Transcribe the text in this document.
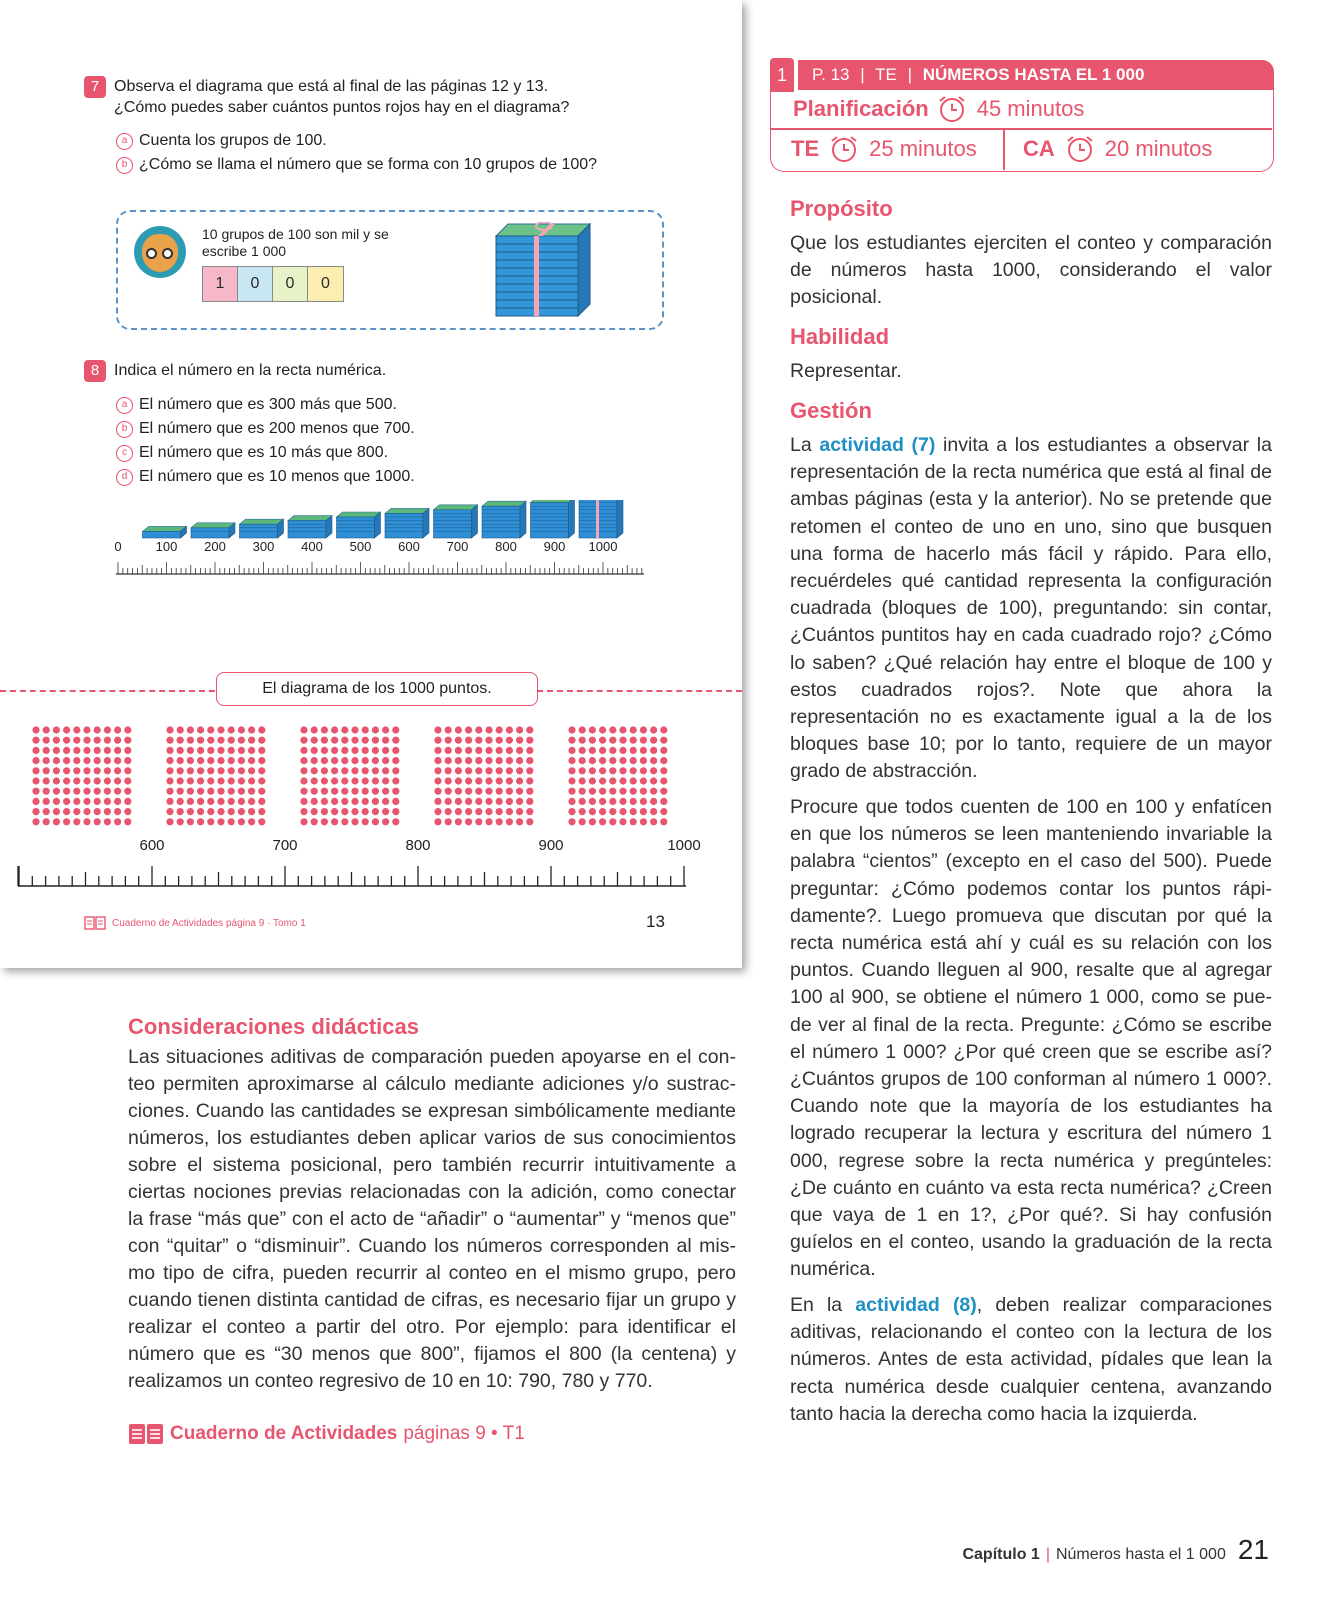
7 Observa el diagrama que está al final de las páginas 12 y 13.
¿Cómo puedes saber cuántos puntos rojos hay en el diagrama?
a Cuenta los grupos de 100.
b ¿Cómo se llama el número que se forma con 10 grupos de 100?
10 grupos de 100 son mil y se escribe 1 000
1	0	0	0
8 Indica el número en la recta numérica.
a El número que es 300 más que 500.
b El número que es 200 menos que 700.
c El número que es 10 más que 800.
d El número que es 10 menos que 1000.
0	100 200 300 400 500 600 700 800 900 1000
El diagrama de los 1000 puntos.
600	700	800	900	1000
Cuaderno de Actividades página 9 · Tomo 1	13
1	P. 13 | TE | NÚMEROS HASTA EL 1 000
Planificación 45 minutos
TE 25 minutos CA 20 minutos
Propósito
Que los estudiantes ejerciten el conteo y comparación de números hasta 1000, considerando el valor posicional.
Habilidad
Representar.
Gestión
La actividad (7) invita a los estudiantes a observar la representación de la recta numérica que está al final de ambas páginas (esta y la anterior). No se pretende que retomen el conteo de uno en uno, sino que busquen una forma de hacerlo más fácil y rápido. Para ello, recuérdeles qué cantidad representa la configuración cuadrada (bloques de 100), preguntando: sin contar, ¿Cuántos puntitos hay en cada cuadrado rojo? ¿Cómo lo saben? ¿Qué relación hay entre el bloque de 100 y estos cuadrados rojos?. Note que ahora la representación no es exactamente igual a la de los bloques base 10; por lo tanto, requiere de un mayor grado de abstracción.
Procure que todos cuenten de 100 en 100 y enfatícen en que los números se leen manteniendo invariable la palabra “cientos” (excepto en el caso del 500). Puede preguntar: ¿Cómo podemos contar los puntos rápidamente?. Luego promueva que discutan por qué la recta numérica está ahí y cuál es su relación con los puntos. Cuando lleguen al 900, resalte que al agregar 100 al 900, se obtiene el número 1 000, como se puede ver al final de la recta. Pregunte: ¿Cómo se escribe el número 1 000? ¿Por qué creen que se escribe así? ¿Cuántos grupos de 100 conforman al número 1 000?. Cuando note que la mayoría de los estudiantes ha logrado recuperar la lectura y escritura del número 1 000, regrese sobre la recta numérica y pregúnteles: ¿De cuánto en cuánto va esta recta numérica? ¿Creen que vaya de 1 en 1?, ¿Por qué?. Si hay confusión guíelos en el conteo, usando la graduación de la recta numérica.
En la actividad (8), deben realizar comparaciones aditivas, relacionando el conteo con la lectura de los números. Antes de esta actividad, pídales que lean la recta numérica desde cualquier centena, avanzando tanto hacia la derecha como hacia la izquierda.
Consideraciones didácticas
Las situaciones aditivas de comparación pueden apoyarse en el conteo permiten aproximarse al cálculo mediante adiciones y/o sustracciones. Cuando las cantidades se expresan simbólicamente mediante números, los estudiantes deben aplicar varios de sus conocimientos sobre el sistema posicional, pero también recurrir intuitivamente a ciertas nociones previas relacionadas con la adición, como conectar la frase “más que” con el acto de “añadir” o “aumentar” y “menos que” con “quitar” o “disminuir”. Cuando los números corresponden al mismo tipo de cifra, pueden recurrir al conteo en el mismo grupo, pero cuando tienen distinta cantidad de cifras, es necesario fijar un grupo y realizar el conteo a partir del otro. Por ejemplo: para identificar el número que es “30 menos que 800”, fijamos el 800 (la centena) y realizamos un conteo regresivo de 10 en 10: 790, 780 y 770.
Cuaderno de Actividades páginas 9 • T1
Capítulo 1 | Números hasta el 1 000 21
